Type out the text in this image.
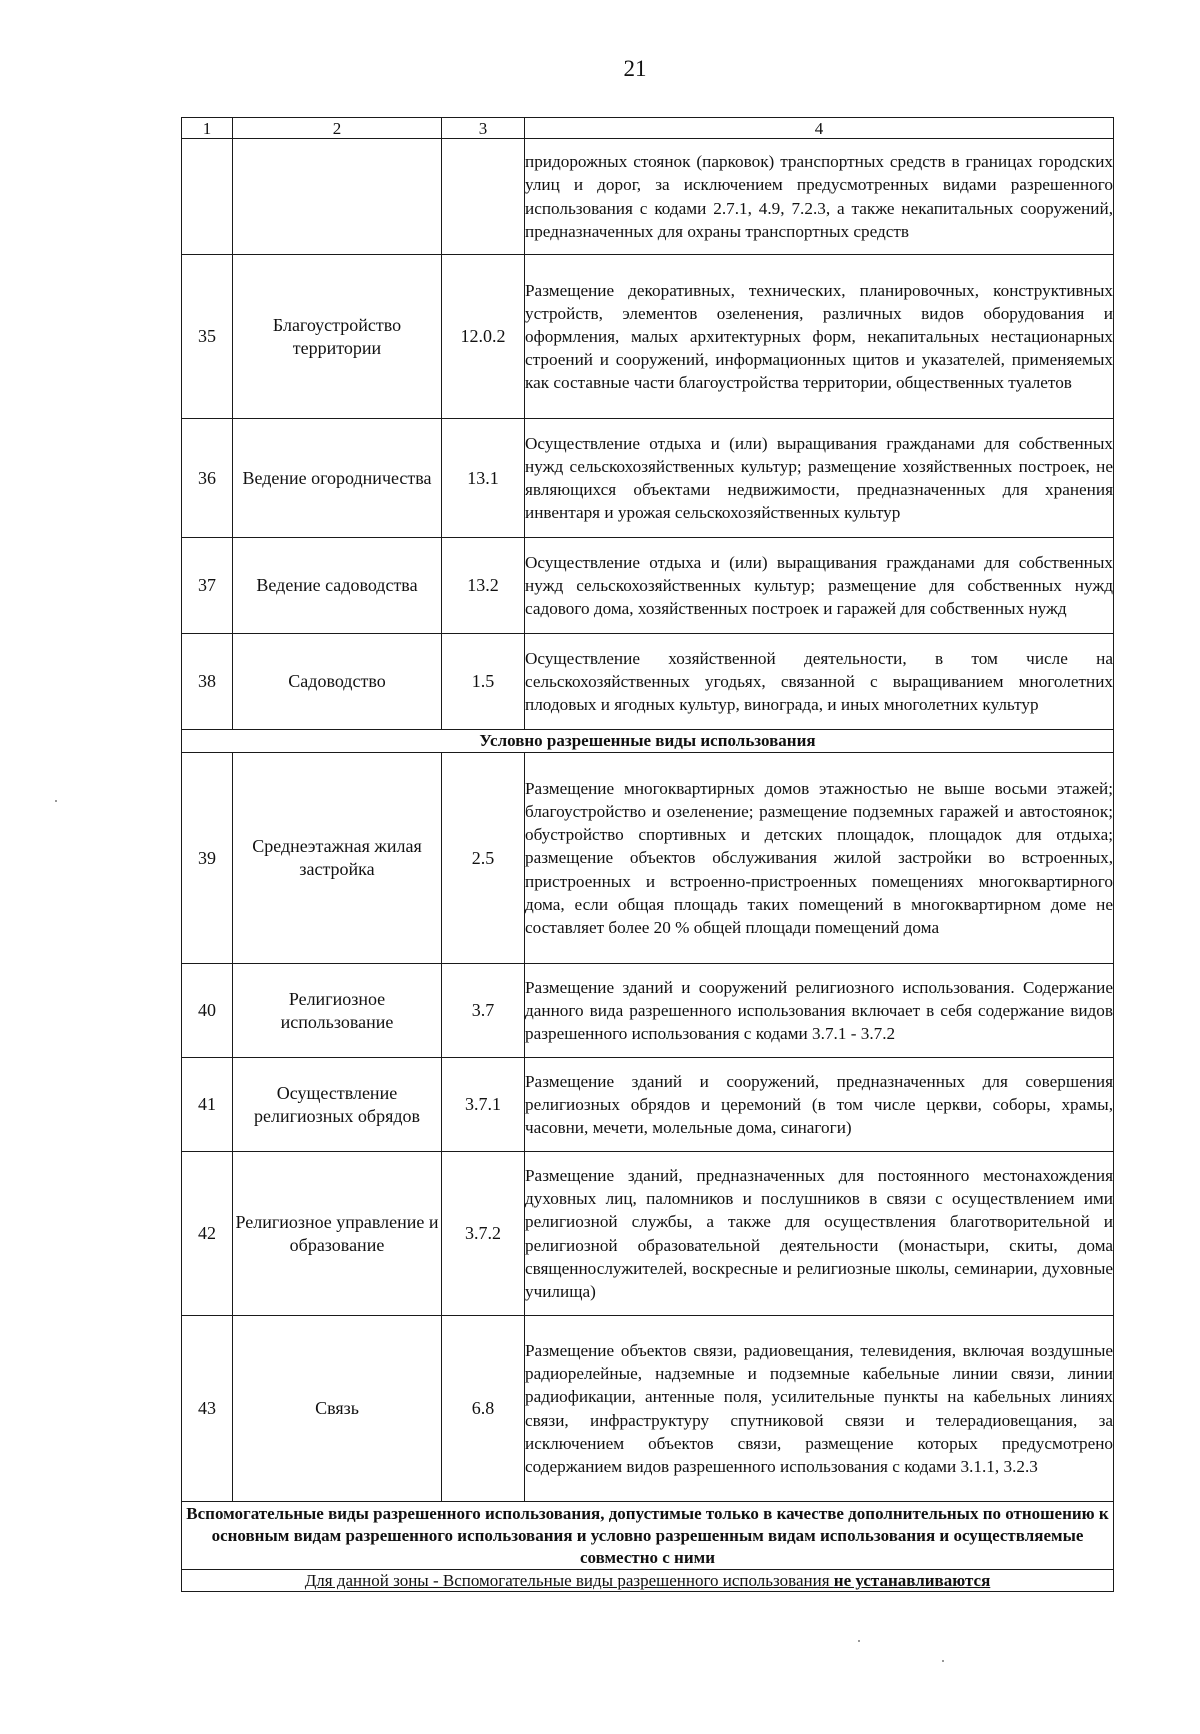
21
1	2	3	4
			придорожных стоянок (парковок) транспортных средств в границах городских улиц и дорог, за исключением предусмотренных видами разрешенного использования с кодами 2.7.1, 4.9, 7.2.3, а также некапитальных сооружений, предназначенных для охраны транспортных средств
35	Благоустройство территории	12.0.2	Размещение декоративных, технических, планировочных, конструктивных устройств, элементов озеленения, различных видов оборудования и оформления, малых архитектурных форм, некапитальных нестационарных строений и сооружений, информационных щитов и указателей, применяемых как составные части благоустройства территории, общественных туалетов
36	Ведение огородничества	13.1	Осуществление отдыха и (или) выращивания гражданами для собственных нужд сельскохозяйственных культур; размещение хозяйственных построек, не являющихся объектами недвижимости, предназначенных для хранения инвентаря и урожая сельскохозяйственных культур
37	Ведение садоводства	13.2	Осуществление отдыха и (или) выращивания гражданами для собственных нужд сельскохозяйственных культур; размещение для собственных нужд садового дома, хозяйственных построек и гаражей для собственных нужд
38	Садоводство	1.5	Осуществление хозяйственной деятельности, в том числе на сельскохозяйственных угодьях, связанной с выращиванием многолетних плодовых и ягодных культур, винограда, и иных многолетних культур
Условно разрешенные виды использования			
39	Среднеэтажная жилая застройка	2.5	Размещение многоквартирных домов этажностью не выше восьми этажей; благоустройство и озеленение; размещение подземных гаражей и автостоянок; обустройство спортивных и детских площадок, площадок для отдыха; размещение объектов обслуживания жилой застройки во встроенных, пристроенных и встроенно-пристроенных помещениях многоквартирного дома, если общая площадь таких помещений в многоквартирном доме не составляет более 20 % общей площади помещений дома
40	Религиозное использование	3.7	Размещение зданий и сооружений религиозного использования. Содержание данного вида разрешенного использования включает в себя содержание видов разрешенного использования с кодами 3.7.1 - 3.7.2
41	Осуществление религиозных обрядов	3.7.1	Размещение зданий и сооружений, предназначенных для совершения религиозных обрядов и церемоний (в том числе церкви, соборы, храмы, часовни, мечети, молельные дома, синагоги)
42	Религиозное управление и образование	3.7.2	Размещение зданий, предназначенных для постоянного местонахождения духовных лиц, паломников и послушников в связи с осуществлением ими религиозной службы, а также для осуществления благотворительной и религиозной образовательной деятельности (монастыри, скиты, дома священнослужителей, воскресные и религиозные школы, семинарии, духовные училища)
43	Связь	6.8	Размещение объектов связи, радиовещания, телевидения, включая воздушные радиорелейные, надземные и подземные кабельные линии связи, линии радиофикации, антенные поля, усилительные пункты на кабельных линиях связи, инфраструктуру спутниковой связи и телерадиовещания, за исключением объектов связи, размещение которых предусмотрено содержанием видов разрешенного использования с кодами 3.1.1, 3.2.3
Вспомогательные виды разрешенного использования, допустимые только в качестве дополнительных по отношению к основным видам разрешенного использования и условно разрешенным видам использования и осуществляемые совместно с ними			
Для данной зоны - Вспомогательные виды разрешенного использования не устанавливаются			
